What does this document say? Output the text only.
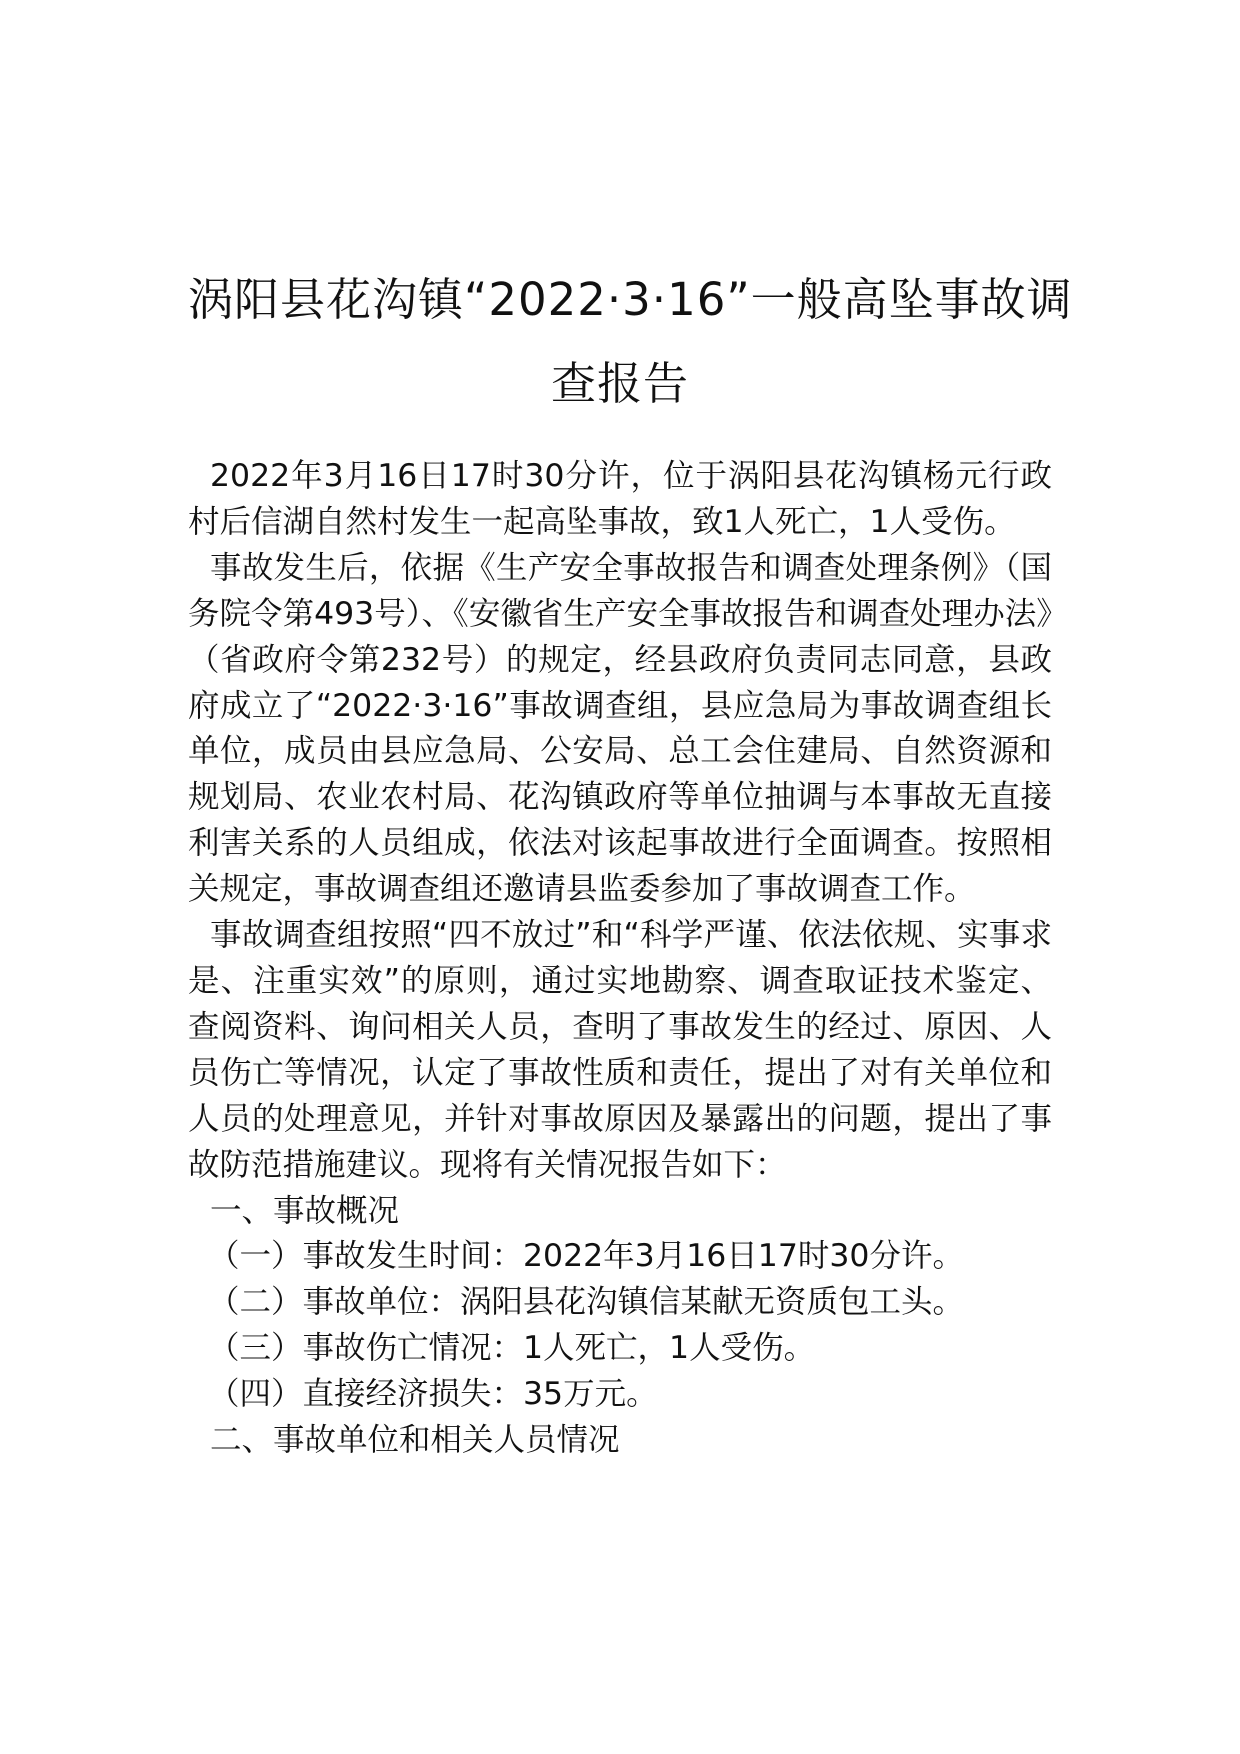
涡阳县花沟镇“2022·3·16”一般高坠事故调
查报告

2022年3月16日17时30分许，位于涡阳县花沟镇杨元行政村后信湖自然村发生一起高坠事故，致1人死亡，1人受伤。

事故发生后，依据《生产安全事故报告和调查处理条例》（国务院令第493号）、《安徽省生产安全事故报告和调查处理办法》（省政府令第232号）的规定，经县政府负责同志同意，县政府成立了“2022·3·16”事故调查组，县应急局为事故调查组长单位，成员由县应急局、公安局、总工会住建局、自然资源和规划局、农业农村局、花沟镇政府等单位抽调与本事故无直接利害关系的人员组成，依法对该起事故进行全面调查。按照相关规定，事故调查组还邀请县监委参加了事故调查工作。

事故调查组按照“四不放过”和“科学严谨、依法依规、实事求是、注重实效”的原则，通过实地勘察、调查取证技术鉴定、查阅资料、询问相关人员，查明了事故发生的经过、原因、人员伤亡等情况，认定了事故性质和责任，提出了对有关单位和人员的处理意见，并针对事故原因及暴露出的问题，提出了事故防范措施建议。现将有关情况报告如下：

一、事故概况

（一）事故发生时间：2022年3月16日17时30分许。

（二）事故单位：涡阳县花沟镇信某献无资质包工头。

（三）事故伤亡情况：1人死亡，1人受伤。

（四）直接经济损失：35万元。

二、事故单位和相关人员情况
